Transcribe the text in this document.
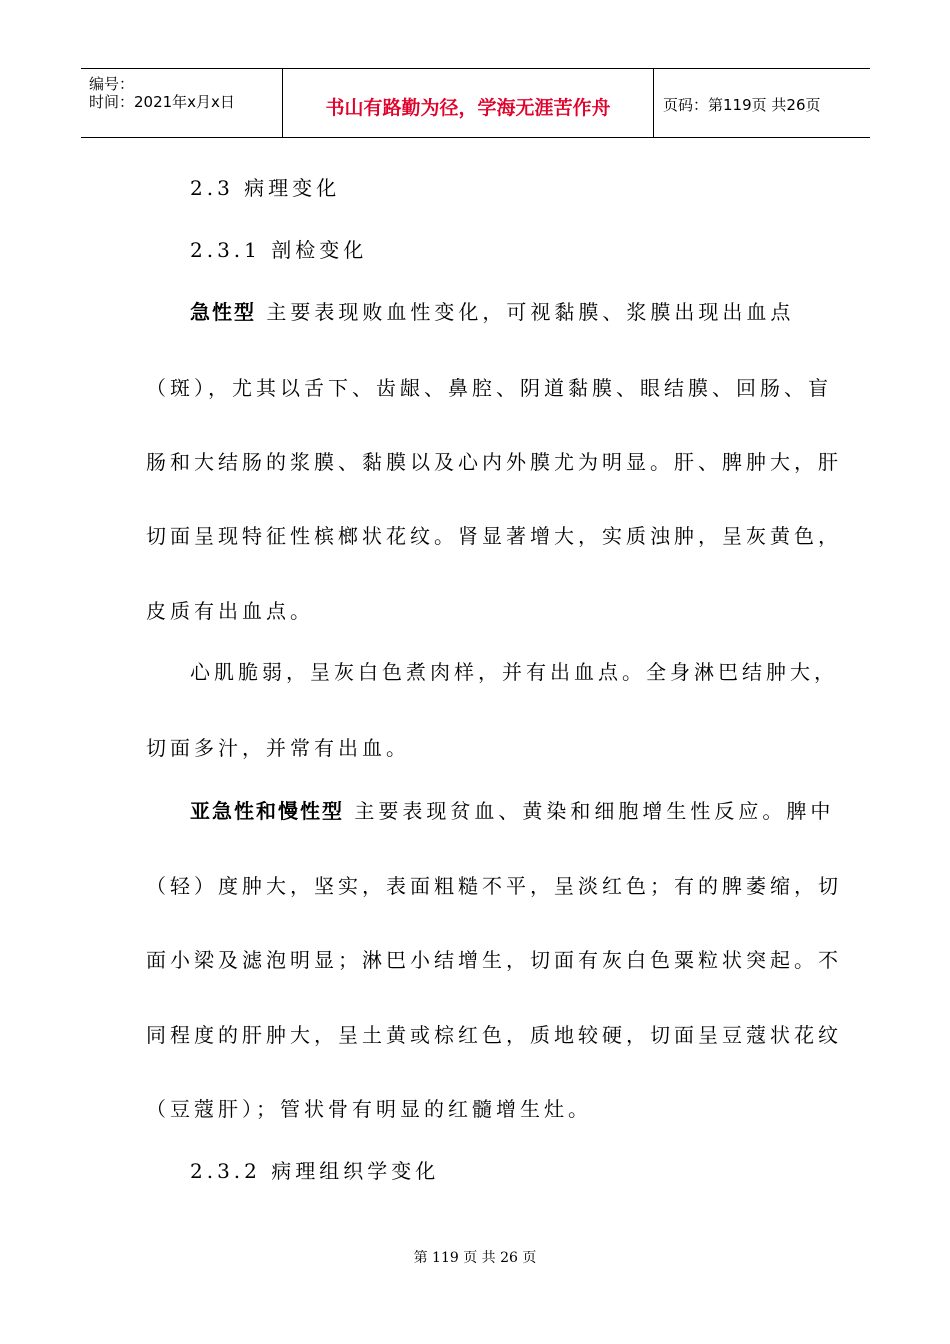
编号：
时间：2021年x月x日	书山有路勤为径，学海无涯苦作舟	页码：第119页 共26页
2.3 病理变化
2.3.1 剖检变化
急性型 主要表现败血性变化，可视黏膜、浆膜出现出血点
（斑），尤其以舌下、齿龈、鼻腔、阴道黏膜、眼结膜、回肠、盲
肠和大结肠的浆膜、黏膜以及心内外膜尤为明显。肝、脾肿大，肝
切面呈现特征性槟榔状花纹。肾显著增大，实质浊肿，呈灰黄色，
皮质有出血点。
心肌脆弱，呈灰白色煮肉样，并有出血点。全身淋巴结肿大，
切面多汁，并常有出血。
亚急性和慢性型 主要表现贫血、黄染和细胞增生性反应。脾中
（轻）度肿大，坚实，表面粗糙不平，呈淡红色；有的脾萎缩，切
面小梁及滤泡明显；淋巴小结增生，切面有灰白色粟粒状突起。不
同程度的肝肿大，呈土黄或棕红色，质地较硬，切面呈豆蔻状花纹
（豆蔻肝）；管状骨有明显的红髓增生灶。
2.3.2 病理组织学变化
第 119 页 共 26 页
